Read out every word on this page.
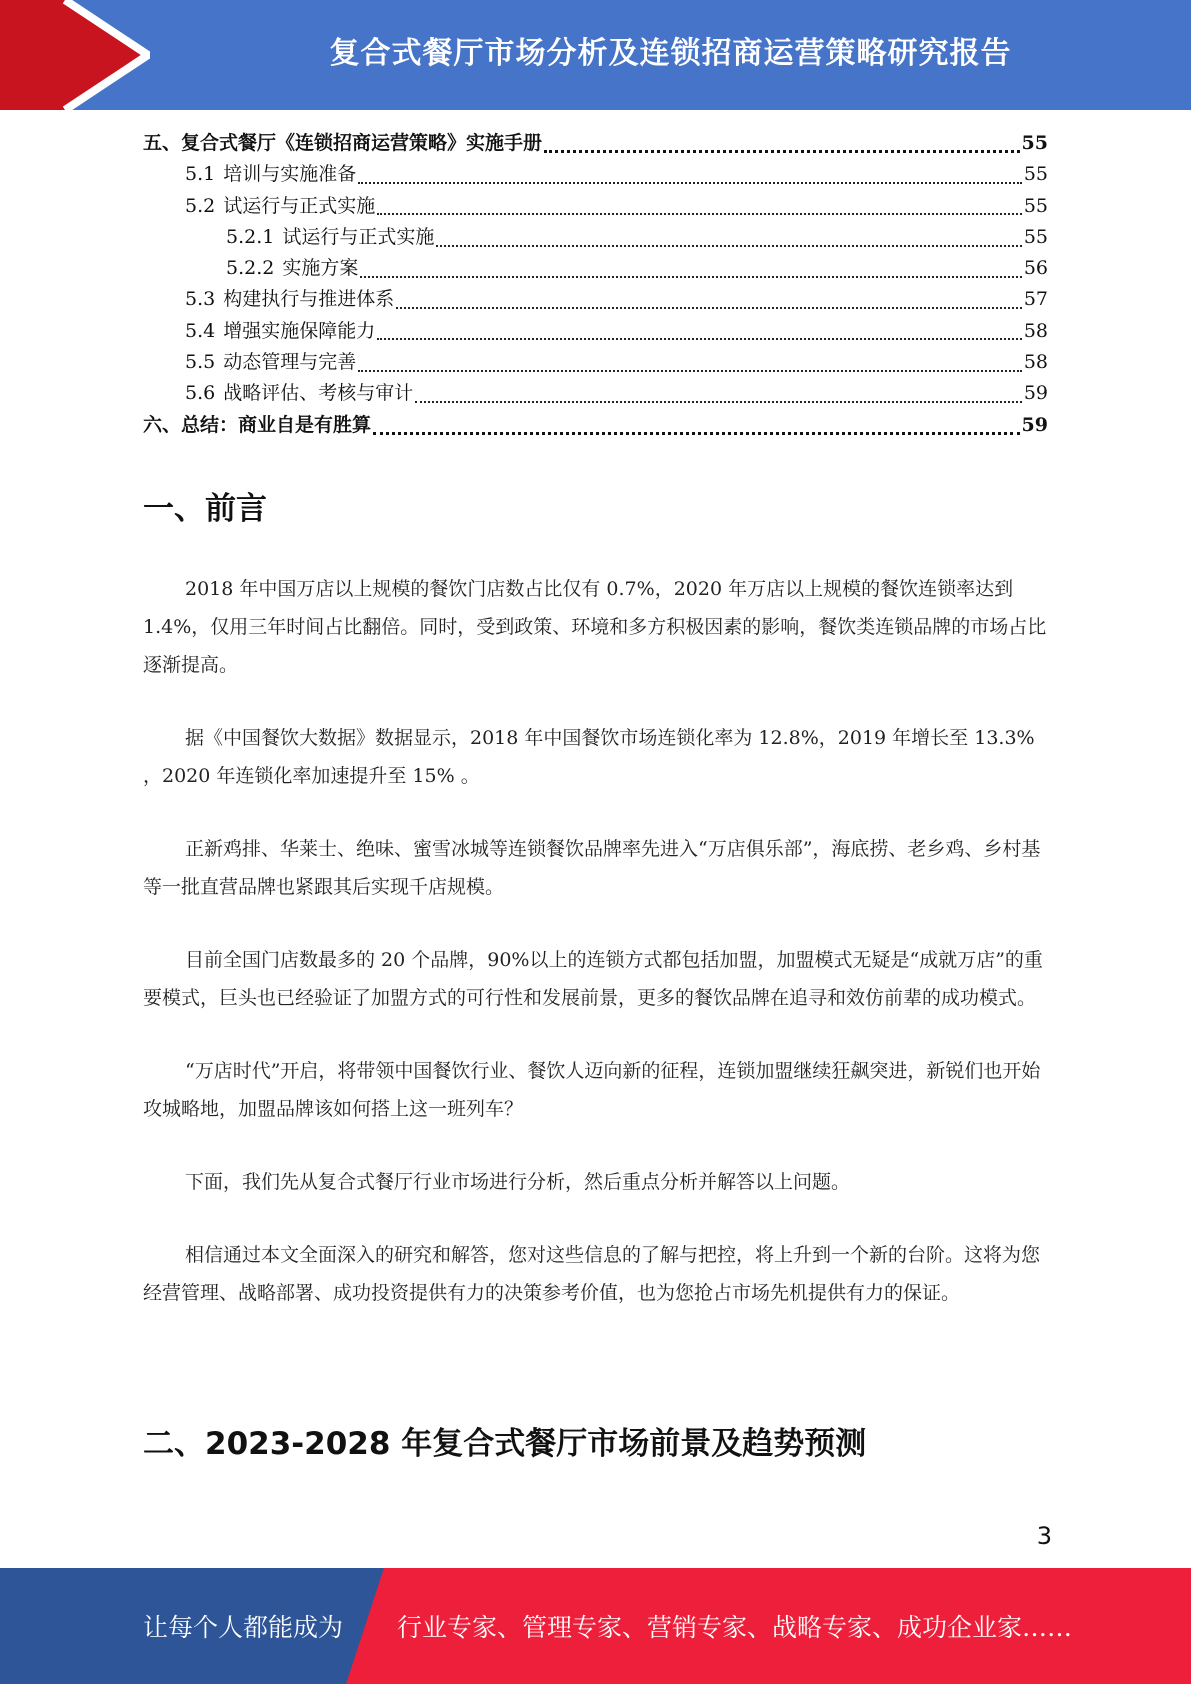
复合式餐厅市场分析及连锁招商运营策略研究报告
五、复合式餐厅《连锁招商运营策略》实施手册	55
5.1 培训与实施准备	55
5.2 试运行与正式实施	55
5.2.1 试运行与正式实施	55
5.2.2 实施方案	56
5.3 构建执行与推进体系	57
5.4 增强实施保障能力	58
5.5 动态管理与完善	58
5.6 战略评估、考核与审计	59
六、总结：商业自是有胜算	59
一、前言

2018 年中国万店以上规模的餐饮门店数占比仅有 0.7%，2020 年万店以上规模的餐饮连锁率达到 1.4%，仅用三年时间占比翻倍。同时，受到政策、环境和多方积极因素的影响，餐饮类连锁品牌的市场占比逐渐提高。

据《中国餐饮大数据》数据显示，2018 年中国餐饮市场连锁化率为 12.8%，2019 年增长至 13.3% ，2020 年连锁化率加速提升至 15% 。

正新鸡排、华莱士、绝味、蜜雪冰城等连锁餐饮品牌率先进入“万店俱乐部”，海底捞、老乡鸡、乡村基等一批直营品牌也紧跟其后实现千店规模。

目前全国门店数最多的 20 个品牌，90%以上的连锁方式都包括加盟，加盟模式无疑是“成就万店”的重要模式，巨头也已经验证了加盟方式的可行性和发展前景，更多的餐饮品牌在追寻和效仿前辈的成功模式。

“万店时代”开启，将带领中国餐饮行业、餐饮人迈向新的征程，连锁加盟继续狂飙突进，新锐们也开始攻城略地，加盟品牌该如何搭上这一班列车？

下面，我们先从复合式餐厅行业市场进行分析，然后重点分析并解答以上问题。

相信通过本文全面深入的研究和解答，您对这些信息的了解与把控，将上升到一个新的台阶。这将为您经营管理、战略部署、成功投资提供有力的决策参考价值，也为您抢占市场先机提供有力的保证。

二、2023-2028 年复合式餐厅市场前景及趋势预测
3
让每个人都能成为 行业专家、管理专家、营销专家、战略专家、成功企业家……
